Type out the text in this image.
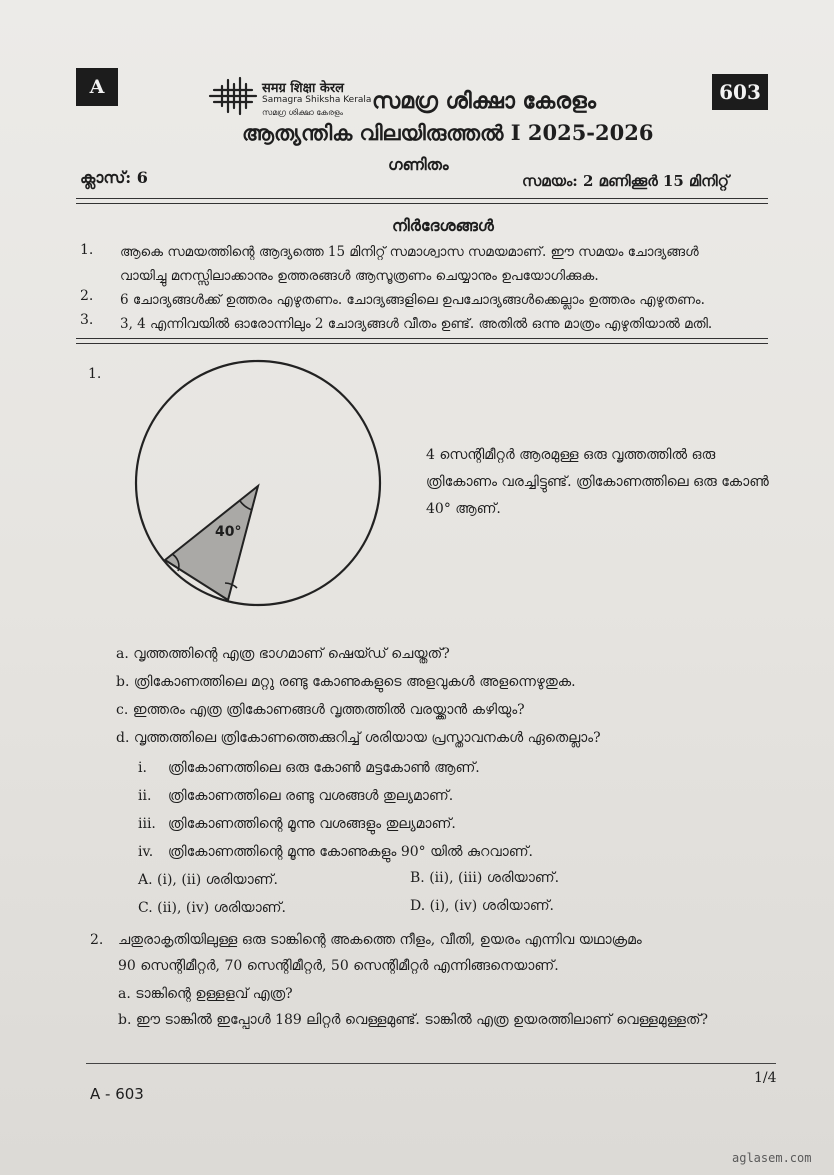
A	603
समग्र शिक्षा केरल
Samagra Shiksha Kerala
സമഗ്ര ശിക്ഷാ കേരളം സമഗ്ര ശിക്ഷാ കേരളം
ആത്യന്തിക വിലയിരുത്തൽ I 2025-2026
ഗണിതം
ക്ലാസ്: 6	സമയം: 2 മണിക്കൂർ 15 മിനിറ്റ്
നിർദേശങ്ങൾ
1. ആകെ സമയത്തിന്റെ ആദ്യത്തെ 15 മിനിറ്റ് സമാശ്വാസ സമയമാണ്. ഈ സമയം ചോദ്യങ്ങൾ
വായിച്ചു മനസ്സിലാക്കാനും ഉത്തരങ്ങൾ ആസൂത്രണം ചെയ്യാനും ഉപയോഗിക്കുക.
2. 6 ചോദ്യങ്ങൾക്ക് ഉത്തരം എഴുതണം. ചോദ്യങ്ങളിലെ ഉപചോദ്യങ്ങൾക്കെല്ലാം ഉത്തരം എഴുതണം.
3. 3, 4 എന്നിവയിൽ ഓരോന്നിലും 2 ചോദ്യങ്ങൾ വീതം ഉണ്ട്. അതിൽ ഒന്നു മാത്രം എഴുതിയാൽ മതി.
1.
40°
4 സെന്റിമീറ്റർ ആരമുള്ള ഒരു വൃത്തത്തിൽ ഒരു ത്രികോണം വരച്ചിട്ടുണ്ട്. ത്രികോണത്തിലെ ഒരു കോൺ 40° ആണ്.
a. വൃത്തത്തിന്റെ എത്ര ഭാഗമാണ് ഷെയ്ഡ് ചെയ്തത്?
b. ത്രികോണത്തിലെ മറ്റു രണ്ടു കോണുകളുടെ അളവുകൾ അളന്നെഴുതുക.
c. ഇത്തരം എത്ര ത്രികോണങ്ങൾ വൃത്തത്തിൽ വരയ്ക്കാൻ കഴിയും?
d. വൃത്തത്തിലെ ത്രികോണത്തെക്കുറിച്ച് ശരിയായ പ്രസ്താവനകൾ ഏതെല്ലാം?
i. ത്രികോണത്തിലെ ഒരു കോൺ മട്ടകോൺ ആണ്.
ii. ത്രികോണത്തിലെ രണ്ടു വശങ്ങൾ തുല്യമാണ്.
iii. ത്രികോണത്തിന്റെ മൂന്നു വശങ്ങളും തുല്യമാണ്.
iv. ത്രികോണത്തിന്റെ മൂന്നു കോണുകളും 90° യിൽ കുറവാണ്.
A. (i), (ii) ശരിയാണ്.	B. (ii), (iii) ശരിയാണ്.
C. (ii), (iv) ശരിയാണ്.	D. (i), (iv) ശരിയാണ്.
2. ചതുരാകൃതിയിലുള്ള ഒരു ടാങ്കിന്റെ അകത്തെ നീളം, വീതി, ഉയരം എന്നിവ യഥാക്രമം
90 സെന്റിമീറ്റർ, 70 സെന്റിമീറ്റർ, 50 സെന്റിമീറ്റർ എന്നിങ്ങനെയാണ്.
a. ടാങ്കിന്റെ ഉള്ളളവ് എത്ര?
b. ഈ ടാങ്കിൽ ഇപ്പോൾ 189 ലിറ്റർ വെള്ളമുണ്ട്. ടാങ്കിൽ എത്ര ഉയരത്തിലാണ് വെള്ളമുള്ളത്?
1/4
A - 603
aglasem.com
